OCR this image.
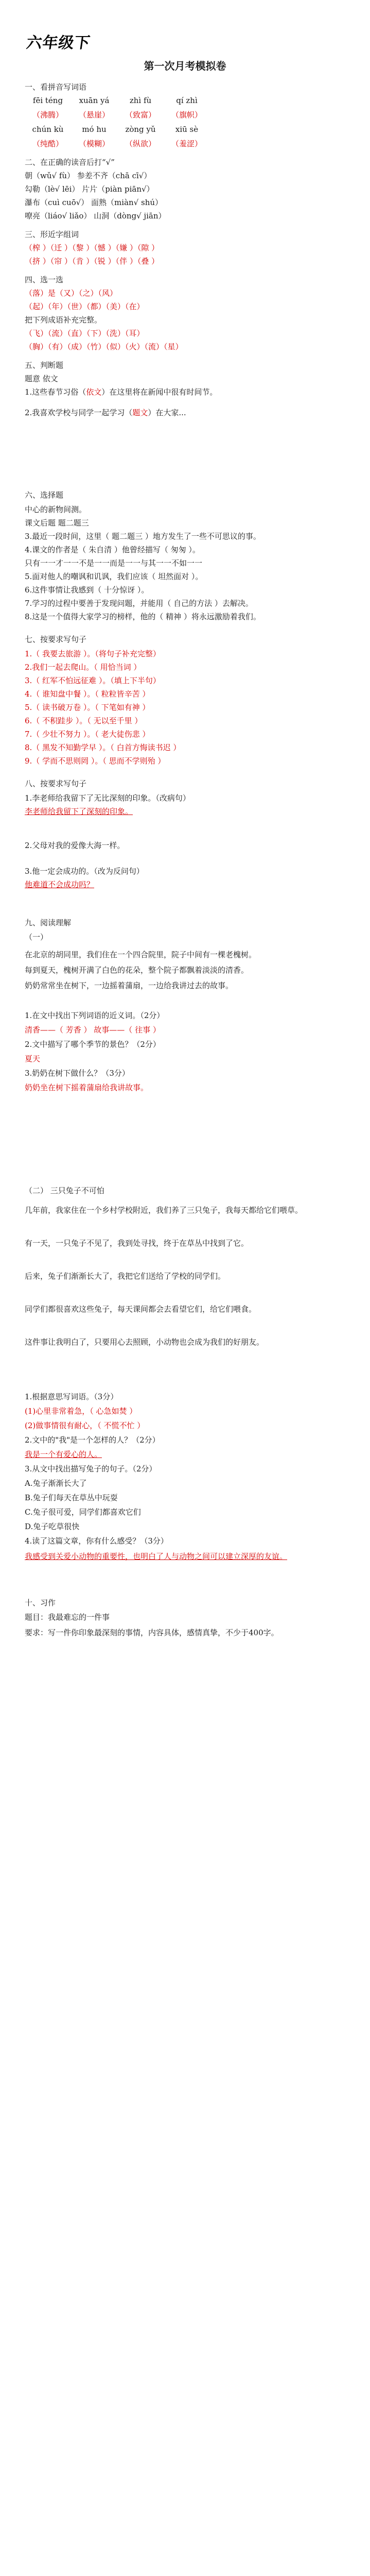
六年级下
第一次月考模拟卷
一、看拼音写词语
fēi téng	xuān yá	zhì fù	qí zhì
（沸腾）	（悬崖）	（致富）	（旗帜）
chún kù	mó hu	zòng yǔ	xiū sè
（纯酷）	（模糊）	（纵欲）	（羞涩）
二、在正确的读音后打“√”
朝（wǔ√ fù） 参差不齐（chā cī√）
勾勒（lè√ lēi） 片片（piàn piān√）
瀑布（cuì cuō√） 面熟（miàn√ shú）
嘹亮（liáo√ liǎo） 山洞（dòng√ jiān）
三、形近字组词
（榨 ）（迁 ）（黎 ）（憾 ）（嫌 ）（隙 ）
（挤 ）（帘 ）（肯 ）（锐 ）（伴 ）（叠 ）
四、选一选
（落）是（又）（之）（风）
（起）（年）（世）（都）（美）（在）
把下列成语补充完整。
（飞）（流）（直）（下）（洗）（耳）
（胸）（有）（成）（竹）（似）（火）（流）（星）
五、判断题
题意 依文
1.这些春节习俗（依文）在这里将在新闻中很有时间节。
2.我喜欢学校与同学一起学习（题文）在大家...
六、选择题
中心的新物间测。
课文后题 题二题三
3.最近一段时间，这里（ 题二题三 ）地方发生了一些不可思议的事。
4.课文的作者是（ 朱自清 ）他曾经描写（ 匆匆 ）。
只有一一才一一不是一一而是一一与其一一不如一一
5.面对他人的嘲讽和讥讽，我们应该（ 坦然面对 ）。
6.这件事情让我感到（ 十分惊讶 ）。
7.学习的过程中要善于发现问题，并能用（ 自己的方法 ）去解决。
8.这是一个值得大家学习的榜样，他的（ 精神 ）将永远激励着我们。
七、按要求写句子
1.（ 我要去旅游 ）。（将句子补充完整）
2.我们一起去爬山。（ 用恰当词 ）
3.（ 红军不怕远征难 ）。（填上下半句）
4.（ 谁知盘中餐 ）。（ 粒粒皆辛苦 ）
5.（ 读书破万卷 ）。（ 下笔如有神 ）
6.（ 不积跬步 ）。（ 无以至千里 ）
7.（ 少壮不努力 ）。（ 老大徒伤悲 ）
8.（ 黑发不知勤学早 ）。（ 白首方悔读书迟 ）
9.（ 学而不思则罔 ）。（ 思而不学则殆 ）
八、按要求写句子
1.李老师给我留下了无比深刻的印象。（改病句）
李老师给我留下了深刻的印象。
2.父母对我的爱像大海一样。
3.他一定会成功的。（改为反问句）
他难道不会成功吗？
九、阅读理解
（一）
在北京的胡同里，我们住在一个四合院里，院子中间有一棵老槐树。
每到夏天，槐树开满了白色的花朵，整个院子都飘着淡淡的清香。
奶奶常常坐在树下，一边摇着蒲扇，一边给我讲过去的故事。
1.在文中找出下列词语的近义词。（2分）
清香——（ 芳香 ） 故事——（ 往事 ）
2.文中描写了哪个季节的景色？（2分）
夏天
3.奶奶在树下做什么？（3分）
奶奶坐在树下摇着蒲扇给我讲故事。
（二） 三只兔子不可怕
几年前，我家住在一个乡村学校附近，我们养了三只兔子，我每天都给它们喂草。
有一天，一只兔子不见了，我到处寻找，终于在草丛中找到了它。
后来，兔子们渐渐长大了，我把它们送给了学校的同学们。
同学们都很喜欢这些兔子，每天课间都会去看望它们，给它们喂食。
这件事让我明白了，只要用心去照顾，小动物也会成为我们的好朋友。
1.根据意思写词语。（3分）
(1)心里非常着急，（ 心急如焚 ）
(2)做事情很有耐心，（ 不慌不忙 ）
2.文中的"我"是一个怎样的人？（2分）
我是一个有爱心的人。
3.从文中找出描写兔子的句子。（2分）
A.兔子渐渐长大了
B.兔子们每天在草丛中玩耍
C.兔子很可爱，同学们都喜欢它们
D.兔子吃草很快
4.读了这篇文章，你有什么感受？（3分）
我感受到关爱小动物的重要性，也明白了人与动物之间可以建立深厚的友谊。
十、习作
题目：我最难忘的一件事
要求：写一件你印象最深刻的事情，内容具体，感情真挚，不少于400字。
